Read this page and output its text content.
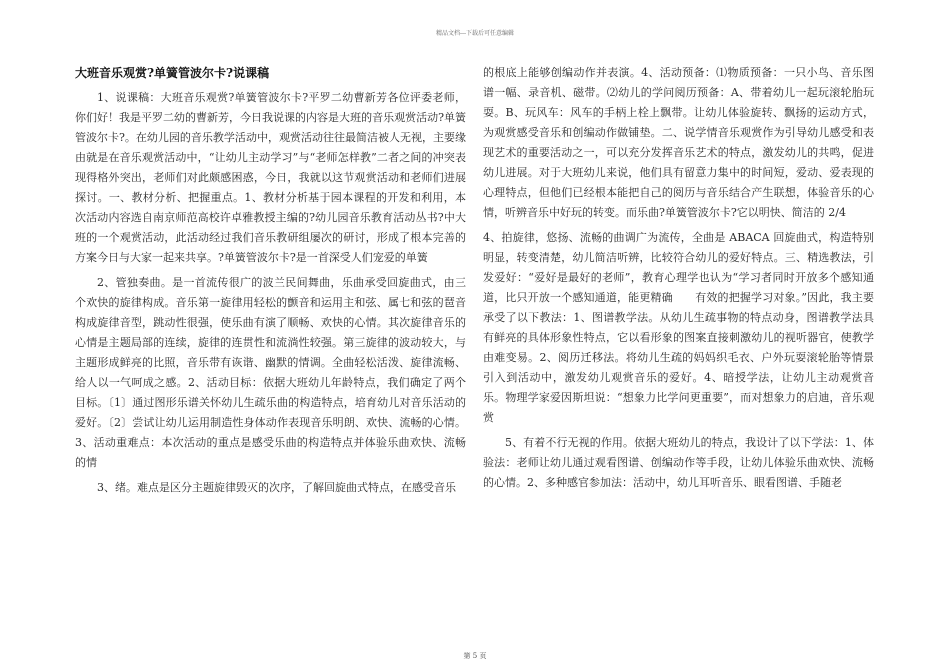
精品文档---下载后可任意编辑

大班音乐观赏?单簧管波尔卡?说课稿

1、说课稿：大班音乐观赏?单簧管波尔卡?平罗二幼曹新芳各位评委老师，你们好！我是平罗二幼的曹新芳，今日我说课的内容是大班的音乐观赏活动?单簧管波尔卡?。在幼儿园的音乐教学活动中，观赏活动往往最简洁被人无视，主要缘由就是在音乐观赏活动中，“让幼儿主动学习”与“老师怎样教”二者之间的冲突表现得格外突出，老师们对此颇感困惑，今日，我就以这节观赏活动和老师们进展探讨。一、教材分析、把握重点。1、教材分析基于园本课程的开发和利用，本次活动内容选自南京师范高校许卓雅教授主编的?幼儿园音乐教育活动丛书?中大班的一个观赏活动，此活动经过我们音乐教研组屡次的研讨，形成了根本完善的方案今日与大家一起来共享。?单簧管波尔卡?是一首深受人们宠爱的单簧

2、管独奏曲。是一首流传很广的波兰民间舞曲，乐曲承受回旋曲式，由三个欢快的旋律构成。音乐第一旋律用轻松的颤音和运用主和弦、属七和弦的琶音构成旋律音型，跳动性很强，使乐曲有演了顺畅、欢快的心情。其次旋律音乐的心情是主题局部的连续，旋律的连贯性和流淌性较强。第三旋律的波动较大，与主题形成鲜亮的比照，音乐带有诙谐、幽默的情调。全曲轻松活泼、旋律流畅、给人以一气呵成之感。2、活动目标：依据大班幼儿年龄特点，我们确定了两个目标。〔1〕通过图形乐谱关怀幼儿生疏乐曲的构造特点，培育幼儿对音乐活动的爱好。〔2〕尝试让幼儿运用制造性身体动作表现音乐明朗、欢快、流畅的心情。3、活动重难点：本次活动的重点是感受乐曲的构造特点并体验乐曲欢快、流畅的情

3、绪。难点是区分主题旋律毁灭的次序，了解回旋曲式特点，在感受音乐

的根底上能够创编动作并表演。4、活动预备：⑴物质预备：一只小鸟、音乐图谱一幅、录音机、磁带。⑵幼儿的学问阅历预备：A、带着幼儿一起玩滚轮胎玩耍。B、玩风车：风车的手柄上栓上飘带。让幼儿体验旋转、飘扬的运动方式，为观赏感受音乐和创编动作做铺垫。二、说学情音乐观赏作为引导幼儿感受和表现艺术的重要活动之一，可以充分发挥音乐艺术的特点，激发幼儿的共鸣，促进幼儿进展。对于大班幼儿来说，他们具有留意力集中的时间短，爱动、爱表现的心理特点，但他们已经根本能把自己的阅历与音乐结合产生联想，体验音乐的心情，听辨音乐中好玩的转变。而乐曲?单簧管波尔卡?它以明快、简洁的 2/4

4、拍旋律，悠扬、流畅的曲调广为流传，全曲是 ABACA 回旋曲式，构造特别明显，转变清楚，幼儿简洁听辨，比较符合幼儿的爱好特点。三、精选教法，引发爱好：“爱好是最好的老师”，教育心理学也认为“学习者同时开放多个感知通道，比只开放一个感知通道，能更精确　　有效的把握学习对象。”因此，我主要承受了以下教法：1、图谱教学法。从幼儿生疏事物的特点动身，图谱教学法具有鲜亮的具体形象性特点，它以看形象的图案直接刺激幼儿的视听器官，使教学由难变易。2、阅历迁移法。将幼儿生疏的妈妈织毛衣、户外玩耍滚轮胎等情景引入到活动中，激发幼儿观赏音乐的爱好。4、暗授学法，让幼儿主动观赏音乐。物理学家爱因斯坦说：“想象力比学问更重要”，而对想象力的启迪，音乐观赏

5、有着不行无视的作用。依据大班幼儿的特点，我设计了以下学法：1、体验法：老师让幼儿通过观看图谱、创编动作等手段，让幼儿体验乐曲欢快、流畅的心情。2、多种感官参加法：活动中，幼儿耳听音乐、眼看图谱、手随老

第 5 页
